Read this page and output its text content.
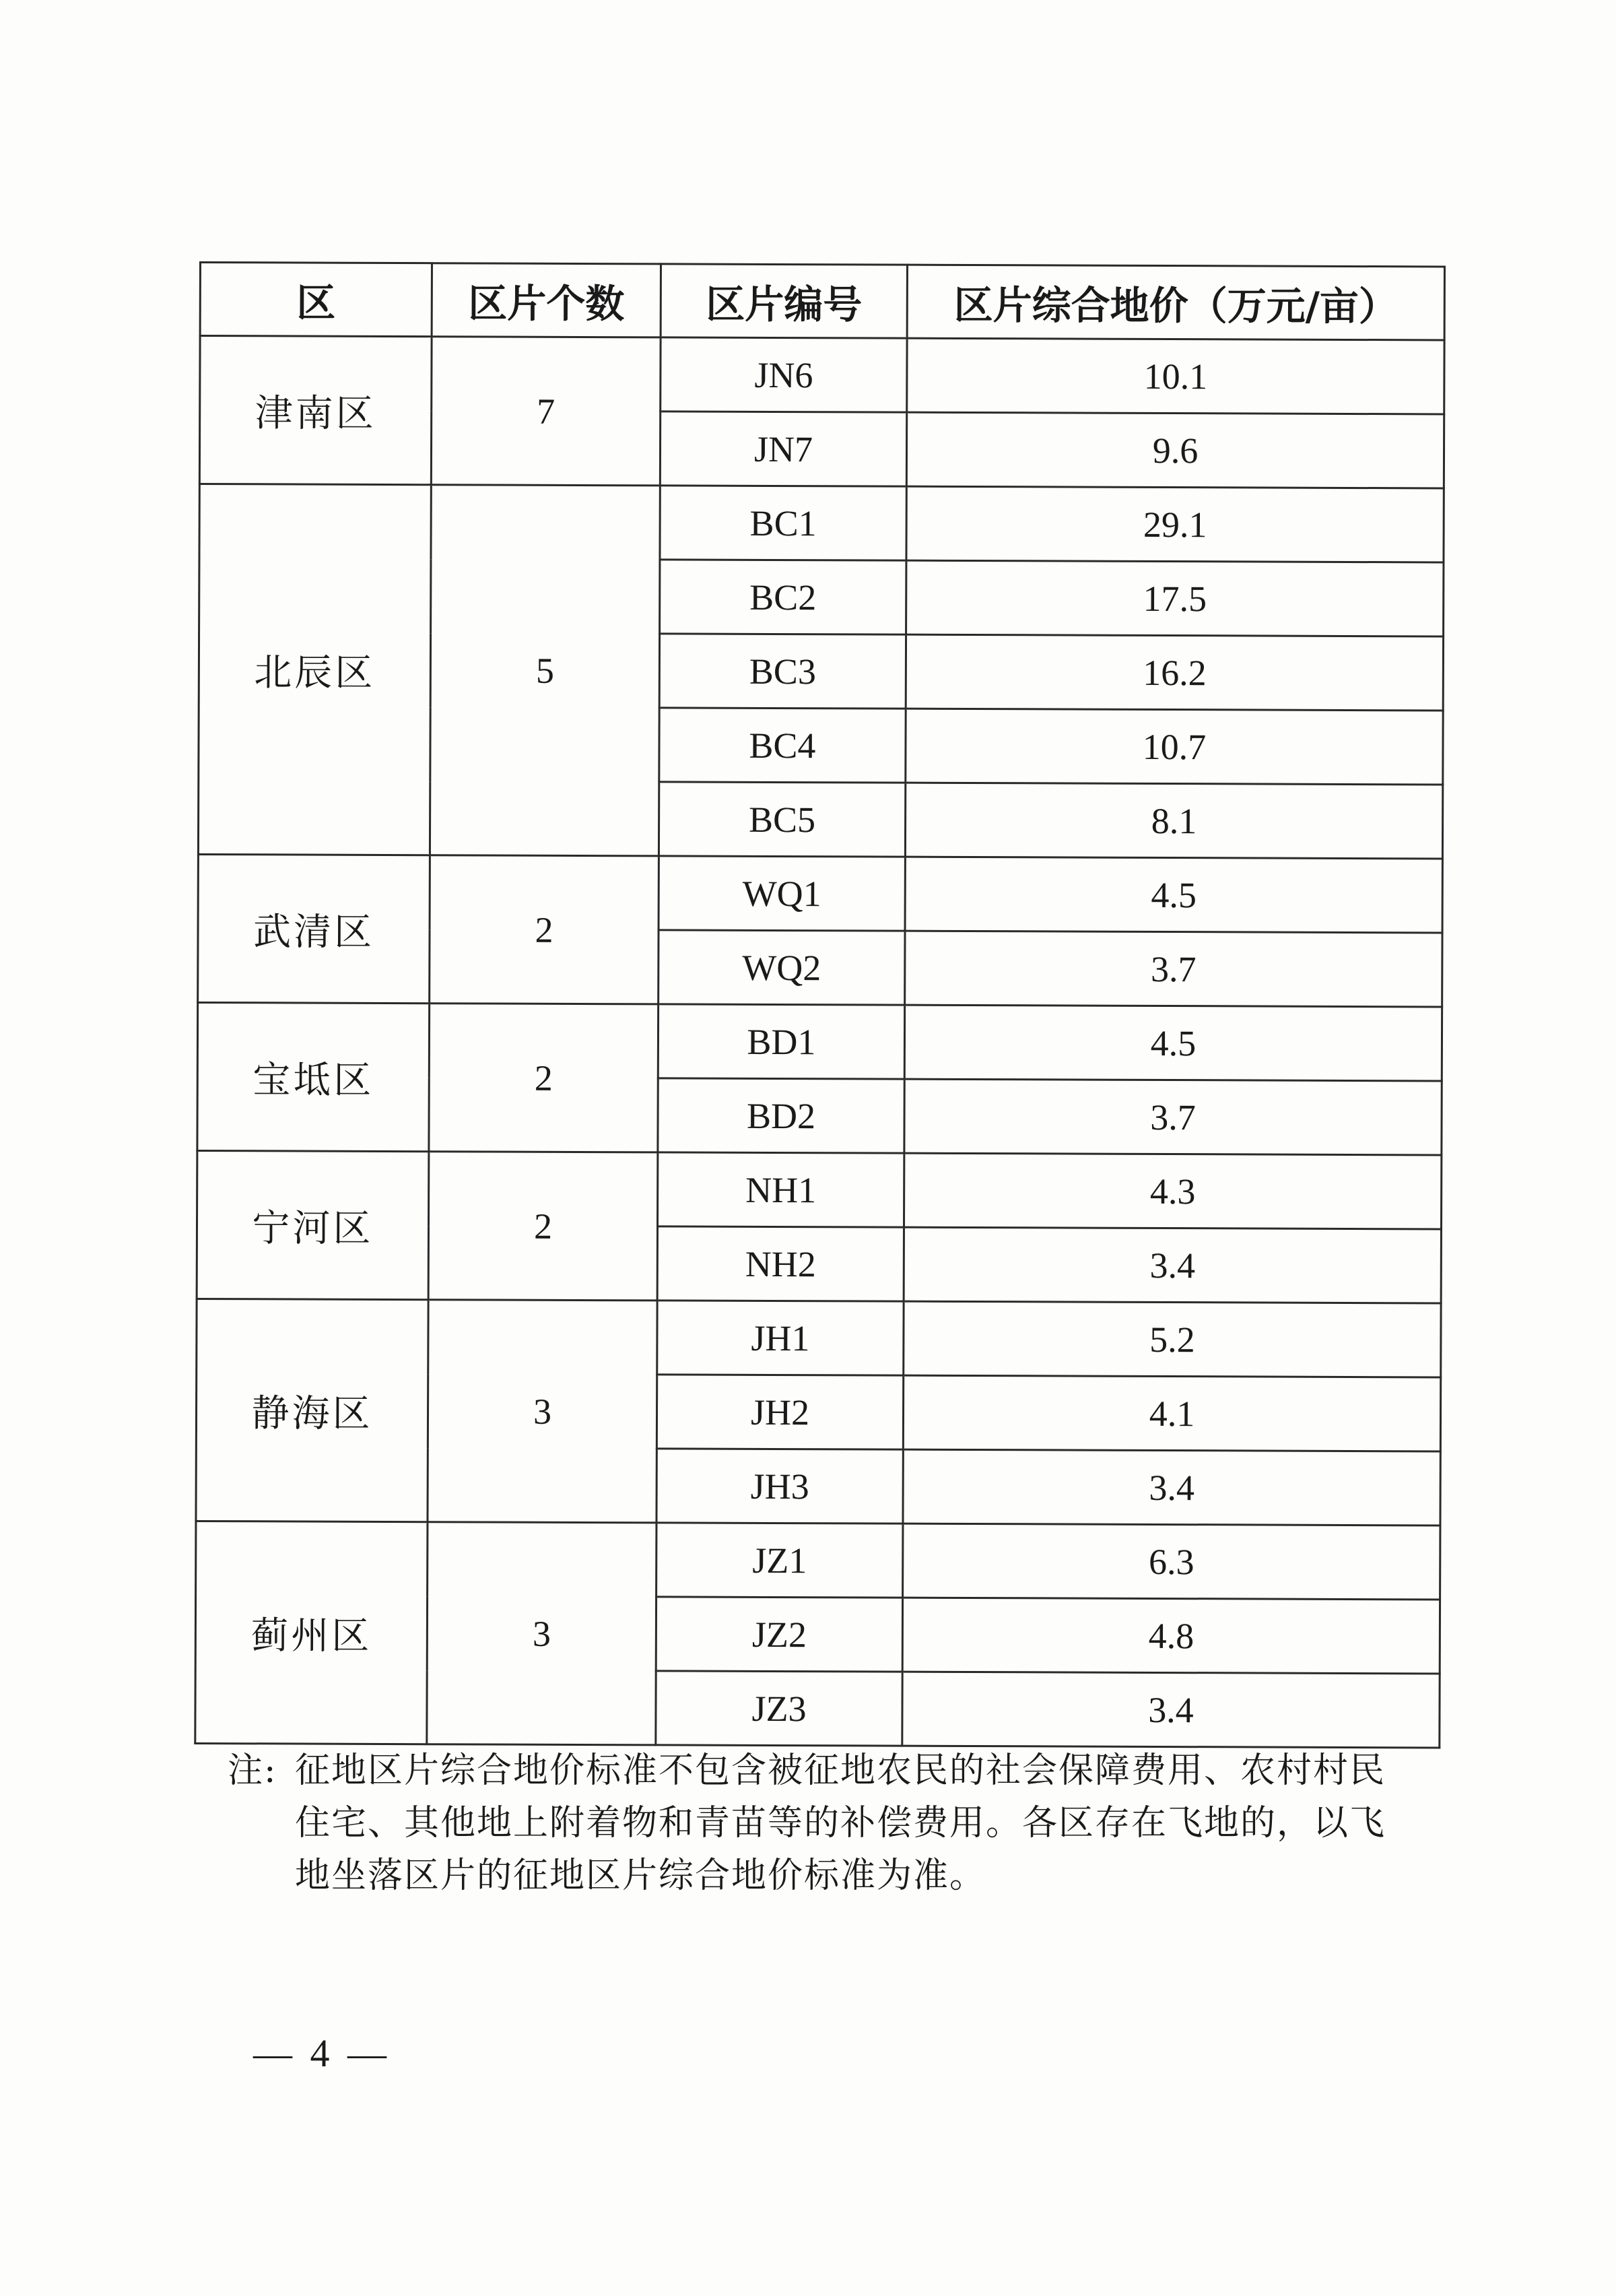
区	区片个数	区片编号	区片综合地价（万元/亩）
津南区	7	JN6	10.1
		JN7	9.6
北辰区	5	BC1	29.1
		BC2	17.5
		BC3	16.2
		BC4	10.7
		BC5	8.1
武清区	2	WQ1	4.5
		WQ2	3.7
宝坻区	2	BD1	4.5
		BD2	3.7
宁河区	2	NH1	4.3
		NH2	3.4
静海区	3	JH1	5.2
		JH2	4.1
		JH3	3.4
蓟州区	3	JZ1	6.3
		JZ2	4.8
		JZ3	3.4
注: 征地区片综合地价标准不包含被征地农民的社会保障费用、农村村民
住宅、其他地上附着物和青苗等的补偿费用。各区存在飞地的，以飞
地坐落区片的征地区片综合地价标准为准。
— 4 —
